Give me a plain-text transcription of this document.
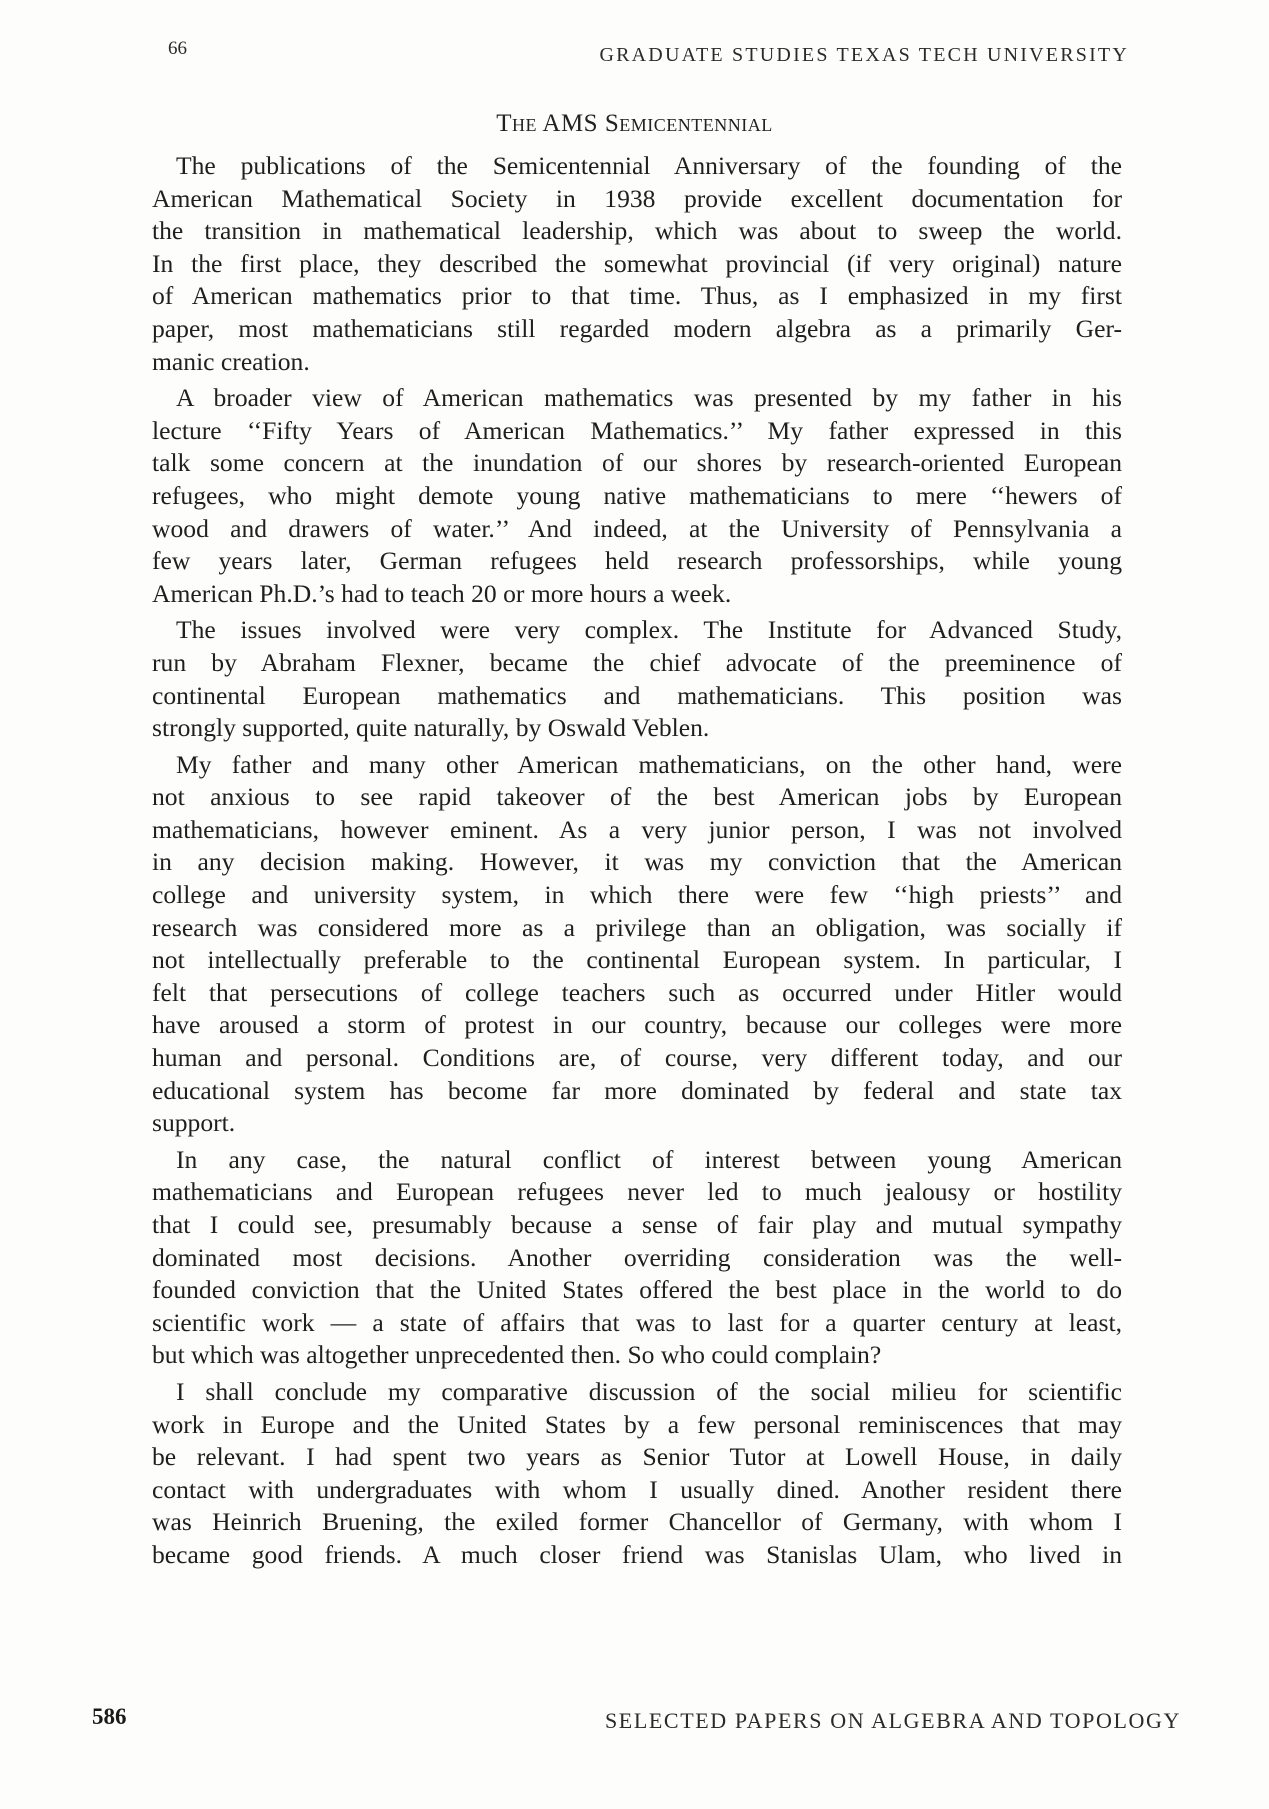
66	GRADUATE STUDIES TEXAS TECH UNIVERSITY
The AMS Semicentennial
The publications of the Semicentennial Anniversary of the founding of the
American Mathematical Society in 1938 provide excellent documentation for
the transition in mathematical leadership, which was about to sweep the world.
In the first place, they described the somewhat provincial (if very original) nature
of American mathematics prior to that time. Thus, as I emphasized in my first
paper, most mathematicians still regarded modern algebra as a primarily Ger-
manic creation.
A broader view of American mathematics was presented by my father in his
lecture ‘‘Fifty Years of American Mathematics.’’ My father expressed in this
talk some concern at the inundation of our shores by research-oriented European
refugees, who might demote young native mathematicians to mere ‘‘hewers of
wood and drawers of water.’’ And indeed, at the University of Pennsylvania a
few years later, German refugees held research professorships, while young
American Ph.D.’s had to teach 20 or more hours a week.
The issues involved were very complex. The Institute for Advanced Study,
run by Abraham Flexner, became the chief advocate of the preeminence of
continental European mathematics and mathematicians. This position was
strongly supported, quite naturally, by Oswald Veblen.
My father and many other American mathematicians, on the other hand, were
not anxious to see rapid takeover of the best American jobs by European
mathematicians, however eminent. As a very junior person, I was not involved
in any decision making. However, it was my conviction that the American
college and university system, in which there were few ‘‘high priests’’ and
research was considered more as a privilege than an obligation, was socially if
not intellectually preferable to the continental European system. In particular, I
felt that persecutions of college teachers such as occurred under Hitler would
have aroused a storm of protest in our country, because our colleges were more
human and personal. Conditions are, of course, very different today, and our
educational system has become far more dominated by federal and state tax
support.
In any case, the natural conflict of interest between young American
mathematicians and European refugees never led to much jealousy or hostility
that I could see, presumably because a sense of fair play and mutual sympathy
dominated most decisions. Another overriding consideration was the well-
founded conviction that the United States offered the best place in the world to do
scientific work — a state of affairs that was to last for a quarter century at least,
but which was altogether unprecedented then. So who could complain?
I shall conclude my comparative discussion of the social milieu for scientific
work in Europe and the United States by a few personal reminiscences that may
be relevant. I had spent two years as Senior Tutor at Lowell House, in daily
contact with undergraduates with whom I usually dined. Another resident there
was Heinrich Bruening, the exiled former Chancellor of Germany, with whom I
became good friends. A much closer friend was Stanislas Ulam, who lived in
586	SELECTED PAPERS ON ALGEBRA AND TOPOLOGY
